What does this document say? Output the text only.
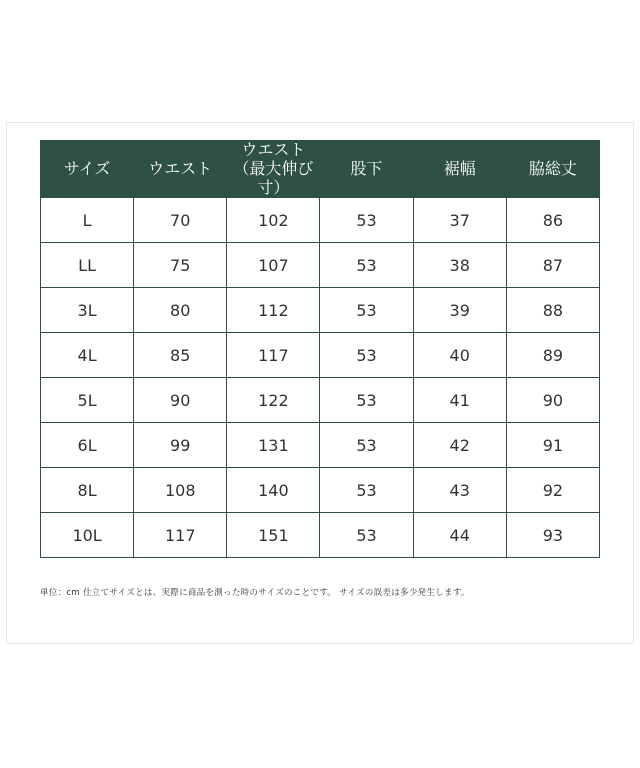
サイズ	ウエスト	ウエスト（最大伸び寸）	股下	裾幅	脇総丈
L	70	102	53	37	86
LL	75	107	53	38	87
3L	80	112	53	39	88
4L	85	117	53	40	89
5L	90	122	53	41	90
6L	99	131	53	42	91
8L	108	140	53	43	92
10L	117	151	53	44	93
単位：cm 仕立てサイズとは、実際に商品を測った時のサイズのことです。 サイズの誤差は多少発生します。
